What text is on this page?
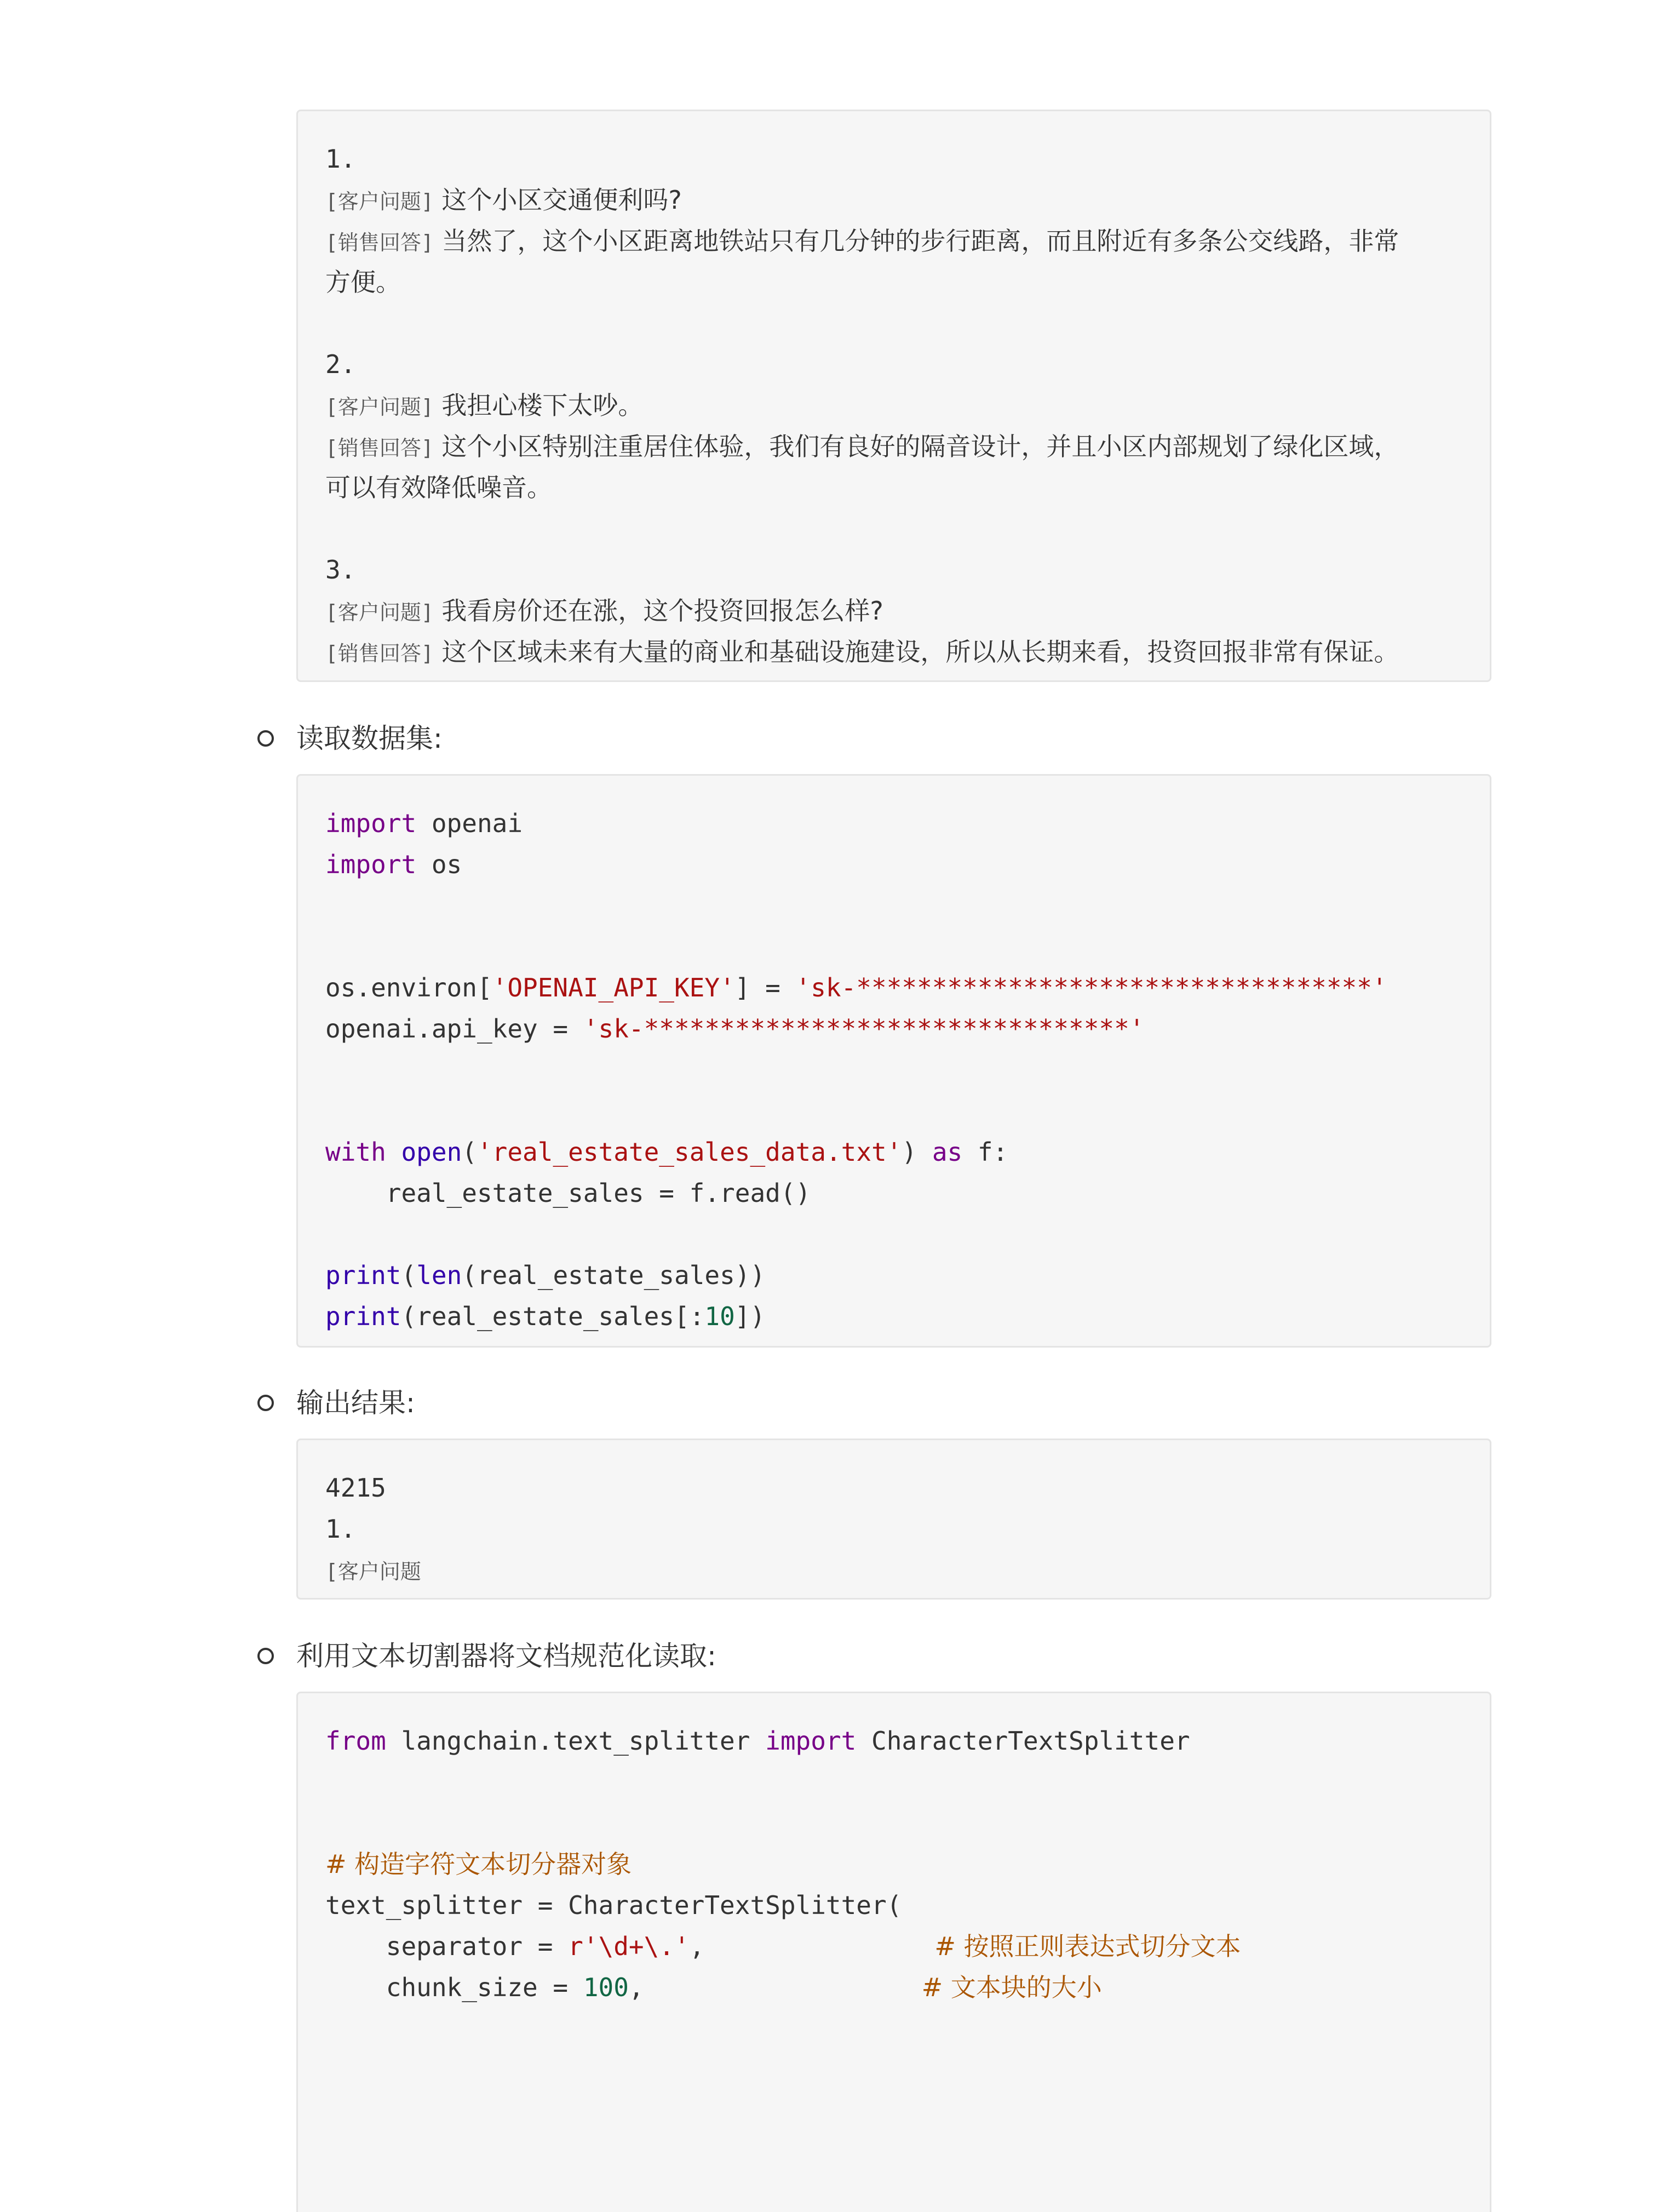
1.
[客户问题] 这个小区交通便利吗?
[销售回答] 当然了，这个小区距离地铁站只有几分钟的步行距离，而且附近有多条公交线路，非常
方便。
2.
[客户问题] 我担心楼下太吵。
[销售回答] 这个小区特别注重居住体验，我们有良好的隔音设计，并且小区内部规划了绿化区域，
可以有效降低噪音。
3.
[客户问题] 我看房价还在涨，这个投资回报怎么样?
[销售回答] 这个区域未来有大量的商业和基础设施建设，所以从长期来看，投资回报非常有保证。
读取数据集:
import openai
import os
os.environ['OPENAI_API_KEY'] = 'sk-**********************************'
openai.api_key = 'sk-********************************'
with open('real_estate_sales_data.txt') as f:
real_estate_sales = f.read()
print(len(real_estate_sales))
print(real_estate_sales[:10])
输出结果:
4215
1.
[客户问题
利用文本切割器将文档规范化读取:
from langchain.text_splitter import CharacterTextSplitter
# 构造字符文本切分器对象
text_splitter = CharacterTextSplitter(
separator = r'\d+\.',	# 按照正则表达式切分文本
chunk_size = 100,	# 文本块的大小
